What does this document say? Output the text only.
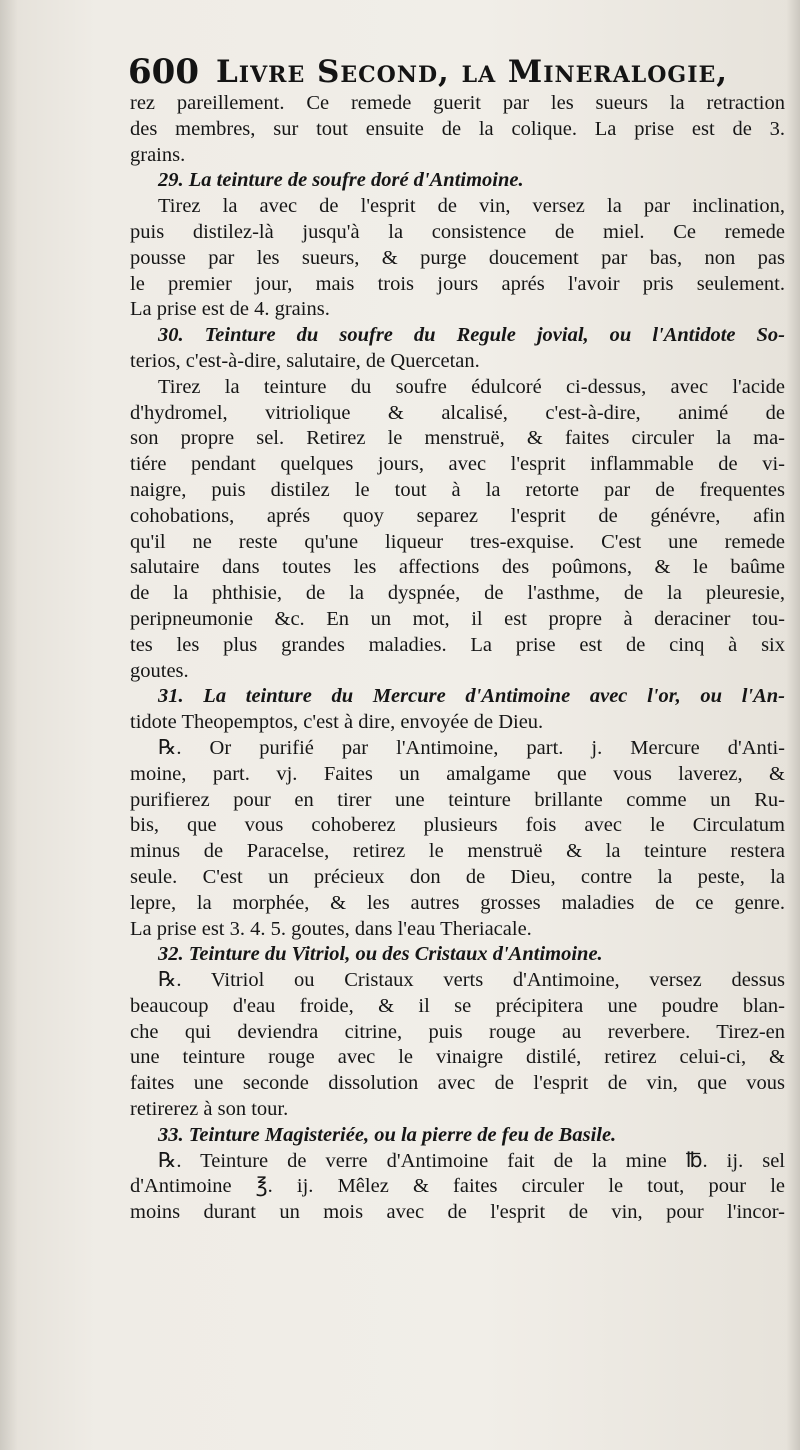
600 Livre Second, la Mineralogie,
rez pareillement. Ce remede guerit par les sueurs la retraction
des membres, sur tout ensuite de la colique. La prise est de 3.
grains.
29. La teinture de soufre doré d'Antimoine.
Tirez la avec de l'esprit de vin, versez la par inclination,
puis distilez-là jusqu'à la consistence de miel. Ce remede
pousse par les sueurs, & purge doucement par bas, non pas
le premier jour, mais trois jours aprés l'avoir pris seulement.
La prise est de 4. grains.
30. Teinture du soufre du Regule jovial, ou l'Antidote So-
terios, c'est-à-dire, salutaire, de Quercetan.
Tirez la teinture du soufre édulcoré ci-dessus, avec l'acide
d'hydromel, vitriolique & alcalisé, c'est-à-dire, animé de
son propre sel. Retirez le menstruë, & faites circuler la ma-
tiére pendant quelques jours, avec l'esprit inflammable de vi-
naigre, puis distilez le tout à la retorte par de frequentes
cohobations, aprés quoy separez l'esprit de génévre, afin
qu'il ne reste qu'une liqueur tres-exquise. C'est une remede
salutaire dans toutes les affections des poûmons, & le baûme
de la phthisie, de la dyspnée, de l'asthme, de la pleuresie,
peripneumonie &c. En un mot, il est propre à deraciner tou-
tes les plus grandes maladies. La prise est de cinq à six
goutes.
31. La teinture du Mercure d'Antimoine avec l'or, ou l'An-
tidote Theopemptos, c'est à dire, envoyée de Dieu.
℞. Or purifié par l'Antimoine, part. j. Mercure d'Anti-
moine, part. vj. Faites un amalgame que vous laverez, &
purifierez pour en tirer une teinture brillante comme un Ru-
bis, que vous cohoberez plusieurs fois avec le Circulatum
minus de Paracelse, retirez le menstruë & la teinture restera
seule. C'est un précieux don de Dieu, contre la peste, la
lepre, la morphée, & les autres grosses maladies de ce genre.
La prise est 3. 4. 5. goutes, dans l'eau Theriacale.
32. Teinture du Vitriol, ou des Cristaux d'Antimoine.
℞. Vitriol ou Cristaux verts d'Antimoine, versez dessus
beaucoup d'eau froide, & il se précipitera une poudre blan-
che qui deviendra citrine, puis rouge au reverbere. Tirez-en
une teinture rouge avec le vinaigre distilé, retirez celui-ci, &
faites une seconde dissolution avec de l'esprit de vin, que vous
retirerez à son tour.
33. Teinture Magisteriée, ou la pierre de feu de Basile.
℞. Teinture de verre d'Antimoine fait de la mine ℔. ij. sel
d'Antimoine ℥. ij. Mêlez & faites circuler le tout, pour le
moins durant un mois avec de l'esprit de vin, pour l'incor-
